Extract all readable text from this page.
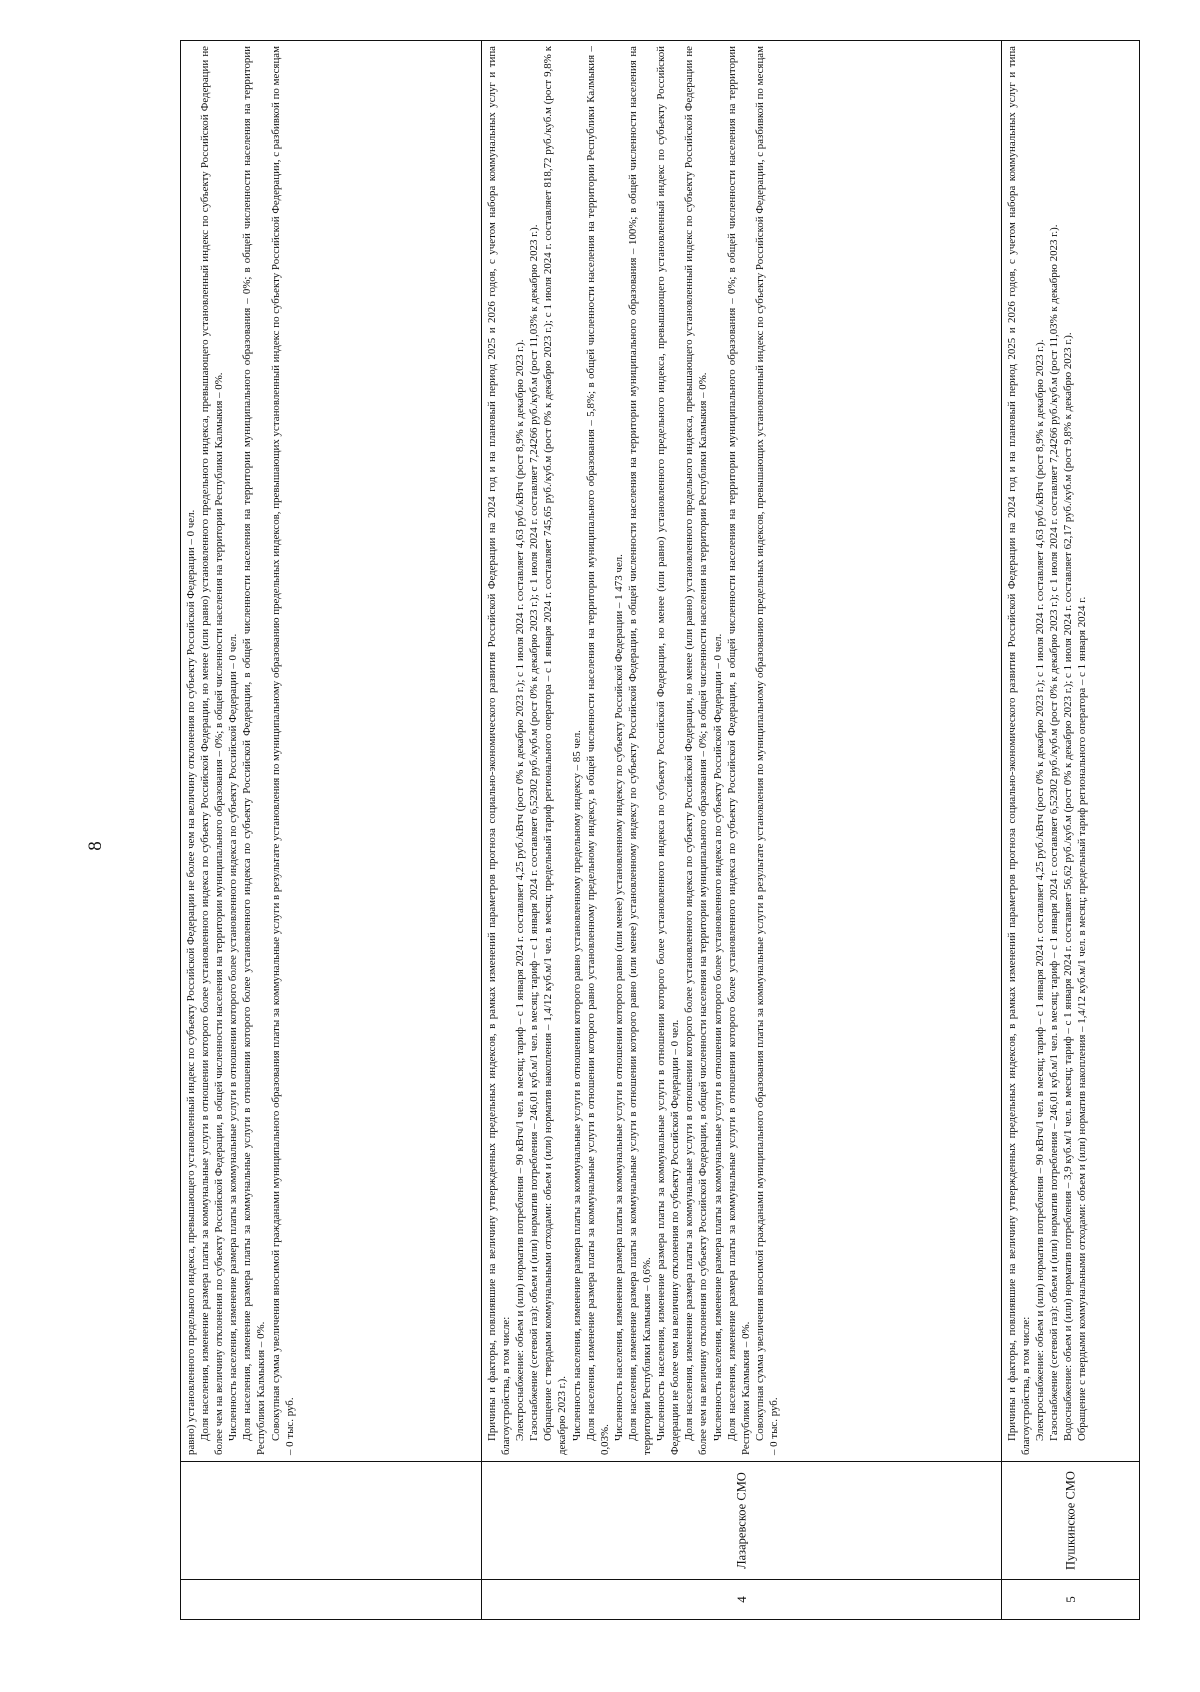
8	равно) установленного предельного индекса, превышающего установленный индекс по субъекту Российской Федерации не более чем на величину отклонения по субъекту Российской Федерации – 0 чел. Доля населения, изменение размера платы за коммунальные услуги в отношении которого более установленного индекса по субъекту Российской Федерации, но менее (или равно) установленного предельного индекса, превышающего установленный индекс по субъекту Российской Федерации не более чем на величину отклонения по субъекту Российской Федерации, в общей численности населения на территории муниципального образования – 0%; в общей численности населения на территории Республики Калмыкия – 0%. Численность населения, изменение размера платы за коммунальные услуги в отношении которого более установленного индекса по субъекту Российской Федерации – 0 чел. Доля населения, изменение размера платы за коммунальные услуги в отношении которого более установленного индекса по субъекту Российской Федерации, в общей численности населения на территории муниципального образования – 0%; в общей численности населения на территории Республики Калмыкия – 0%. Совокупная сумма увеличения вносимой гражданами муниципального образования платы за коммунальные услуги в результате установления по муниципальному образованию предельных индексов, превышающих установленный индекс по субъекту Российской Федерации, с разбивкой по месяцам – 0 тыс. руб.

4
Лазаревское СМО

Причины и факторы, повлиявшие на величину утвержденных предельных индексов, в рамках изменений параметров прогноза социально-экономического развития Российской Федерации на 2024 год и на плановый период 2025 и 2026 годов, с учетом набора коммунальных услуг и типа благоустройства, в том числе: Электроснабжение: объем и (или) норматив потребления – 90 кВтч/1 чел. в месяц; тариф – с 1 января 2024 г. составляет 4,25 руб./кВтч (рост 0% к декабрю 2023 г.); с 1 июля 2024 г. составляет 4,63 руб./кВтч (рост 8,9% к декабрю 2023 г.). Газоснабжение (сетевой газ): объем и (или) норматив потребления – 246,01 куб.м/1 чел. в месяц; тариф – с 1 января 2024 г. составляет 6,52302 руб./куб.м (рост 0% к декабрю 2023 г.); с 1 июля 2024 г. составляет 7,24266 руб./куб.м (рост 11,03% к декабрю 2023 г.). Обращение с твердыми коммунальными отходами: объем и (или) норматив накопления – 1,4/12 куб.м/1 чел. в месяц; предельный тариф регионального оператора – с 1 января 2024 г. составляет 745,65 руб./куб.м (рост 0% к декабрю 2023 г.); с 1 июля 2024 г. составляет 818,72 руб./куб.м (рост 9,8% к декабрю 2023 г.). Численность населения, изменение размера платы за коммунальные услуги в отношении которого равно установленному предельному индексу – 85 чел. Доля населения, изменение размера платы за коммунальные услуги в отношении которого равно установленному предельному индексу, в общей численности населения на территории муниципального образования – 5,8%; в общей численности населения на территории Республики Калмыкия – 0,03%. Численность населения, изменение размера платы за коммунальные услуги в отношении которого равно (или менее) установленному индексу по субъекту Российской Федерации – 1 473 чел. Доля населения, изменение размера платы за коммунальные услуги в отношении которого равно (или менее) установленному индексу по субъекту Российской Федерации, в общей численности населения на территории муниципального образования – 100%; в общей численности населения на территории Республики Калмыкия – 0,6%. Численность населения, изменение размера платы за коммунальные услуги в отношении которого более установленного индекса по субъекту Российской Федерации, но менее (или равно) установленного предельного индекса, превышающего установленный индекс по субъекту Российской Федерации не более чем на величину отклонения по субъекту Российской Федерации – 0 чел. Доля населения, изменение размера платы за коммунальные услуги в отношении которого более установленного индекса по субъекту Российской Федерации, но менее (или равно) установленного предельного индекса, превышающего установленный индекс по субъекту Российской Федерации не более чем на величину отклонения по субъекту Российской Федерации, в общей численности населения на территории муниципального образования – 0%; в общей численности населения на территории Республики Калмыкия – 0%. Численность населения, изменение размера платы за коммунальные услуги в отношении которого более установленного индекса по субъекту Российской Федерации – 0 чел. Доля населения, изменение размера платы за коммунальные услуги в отношении которого более установленного индекса по субъекту Российской Федерации, в общей численности населения на территории муниципального образования – 0%; в общей численности населения на территории Республики Калмыкия – 0%. Совокупная сумма увеличения вносимой гражданами муниципального образования платы за коммунальные услуги в результате установления по муниципальному образованию предельных индексов, превышающих установленный индекс по субъекту Российской Федерации, с разбивкой по месяцам – 0 тыс. руб.

5
Пушкинское СМО

Причины и факторы, повлиявшие на величину утвержденных предельных индексов, в рамках изменений параметров прогноза социально-экономического развития Российской Федерации на 2024 год и на плановый период 2025 и 2026 годов, с учетом набора коммунальных услуг и типа благоустройства, в том числе: Электроснабжение: объем и (или) норматив потребления – 90 кВтч/1 чел. в месяц; тариф – с 1 января 2024 г. составляет 4,25 руб./кВтч (рост 0% к декабрю 2023 г.); с 1 июля 2024 г. составляет 4,63 руб./кВтч (рост 8,9% к декабрю 2023 г.). Газоснабжение (сетевой газ): объем и (или) норматив потребления – 246,01 куб.м/1 чел. в месяц; тариф – с 1 января 2024 г. составляет 6,52302 руб./куб.м (рост 0% к декабрю 2023 г.); с 1 июля 2024 г. составляет 7,24266 руб./куб.м (рост 11,03% к декабрю 2023 г.). Водоснабжение: объем и (или) норматив потребления – 3,9 куб.м/1 чел. в месяц; тариф – с 1 января 2024 г. составляет 56,62 руб./куб.м (рост 0% к декабрю 2023 г.); с 1 июля 2024 г. составляет 62,17 руб./куб.м (рост 9,8% к декабрю 2023 г.). Обращение с твердыми коммунальными отходами: объем и (или) норматив накопления – 1,4/12 куб.м/1 чел. в месяц; предельный тариф регионального оператора – с 1 января 2024 г.
